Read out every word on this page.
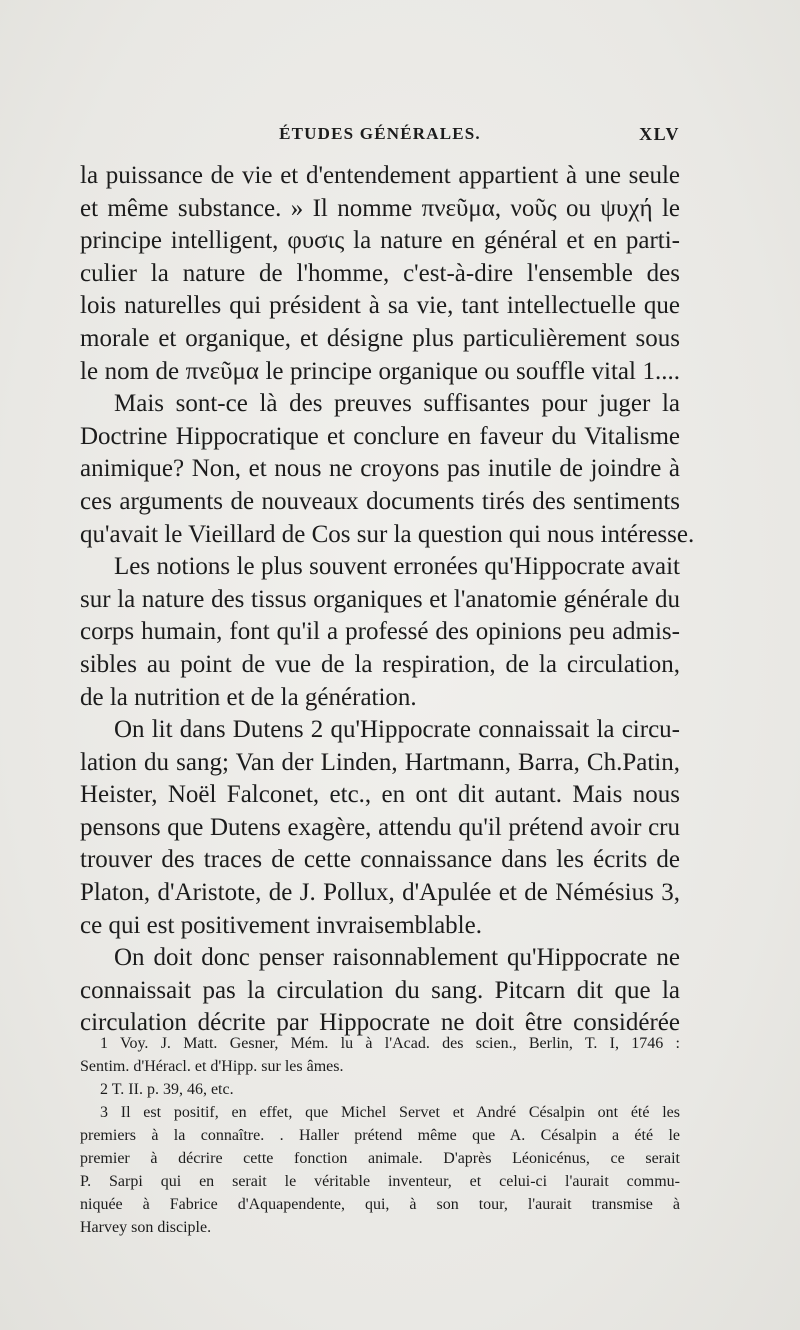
ÉTUDES GÉNÉRALES.	XLV
la puissance de vie et d'entendement appartient à une seule
et même substance. » Il nomme πνεῦμα, νοῦς ou ψυχή le
principe intelligent, φυσις la nature en général et en parti-
culier la nature de l'homme, c'est-à-dire l'ensemble des
lois naturelles qui président à sa vie, tant intellectuelle que
morale et organique, et désigne plus particulièrement sous
le nom de πνεῦμα le principe organique ou souffle vital 1....
Mais sont-ce là des preuves suffisantes pour juger la
Doctrine Hippocratique et conclure en faveur du Vitalisme
animique? Non, et nous ne croyons pas inutile de joindre à
ces arguments de nouveaux documents tirés des sentiments
qu'avait le Vieillard de Cos sur la question qui nous intéresse.
Les notions le plus souvent erronées qu'Hippocrate avait
sur la nature des tissus organiques et l'anatomie générale du
corps humain, font qu'il a professé des opinions peu admis-
sibles au point de vue de la respiration, de la circulation,
de la nutrition et de la génération.
On lit dans Dutens 2 qu'Hippocrate connaissait la circu-
lation du sang; Van der Linden, Hartmann, Barra, Ch.Patin,
Heister, Noël Falconet, etc., en ont dit autant. Mais nous
pensons que Dutens exagère, attendu qu'il prétend avoir cru
trouver des traces de cette connaissance dans les écrits de
Platon, d'Aristote, de J. Pollux, d'Apulée et de Némésius 3,
ce qui est positivement invraisemblable.
On doit donc penser raisonnablement qu'Hippocrate ne
connaissait pas la circulation du sang. Pitcarn dit que la
circulation décrite par Hippocrate ne doit être considérée
1 Voy. J. Matt. Gesner, Mém. lu à l'Acad. des scien., Berlin, T. I, 1746 :
Sentim. d'Héracl. et d'Hipp. sur les âmes.
2 T. II. p. 39, 46, etc.
3 Il est positif, en effet, que Michel Servet et André Césalpin ont été les
premiers à la connaître. . Haller prétend même que A. Césalpin a été le
premier à décrire cette fonction animale. D'après Léonicénus, ce serait
P. Sarpi qui en serait le véritable inventeur, et celui-ci l'aurait commu-
niquée à Fabrice d'Aquapendente, qui, à son tour, l'aurait transmise à
Harvey son disciple.
